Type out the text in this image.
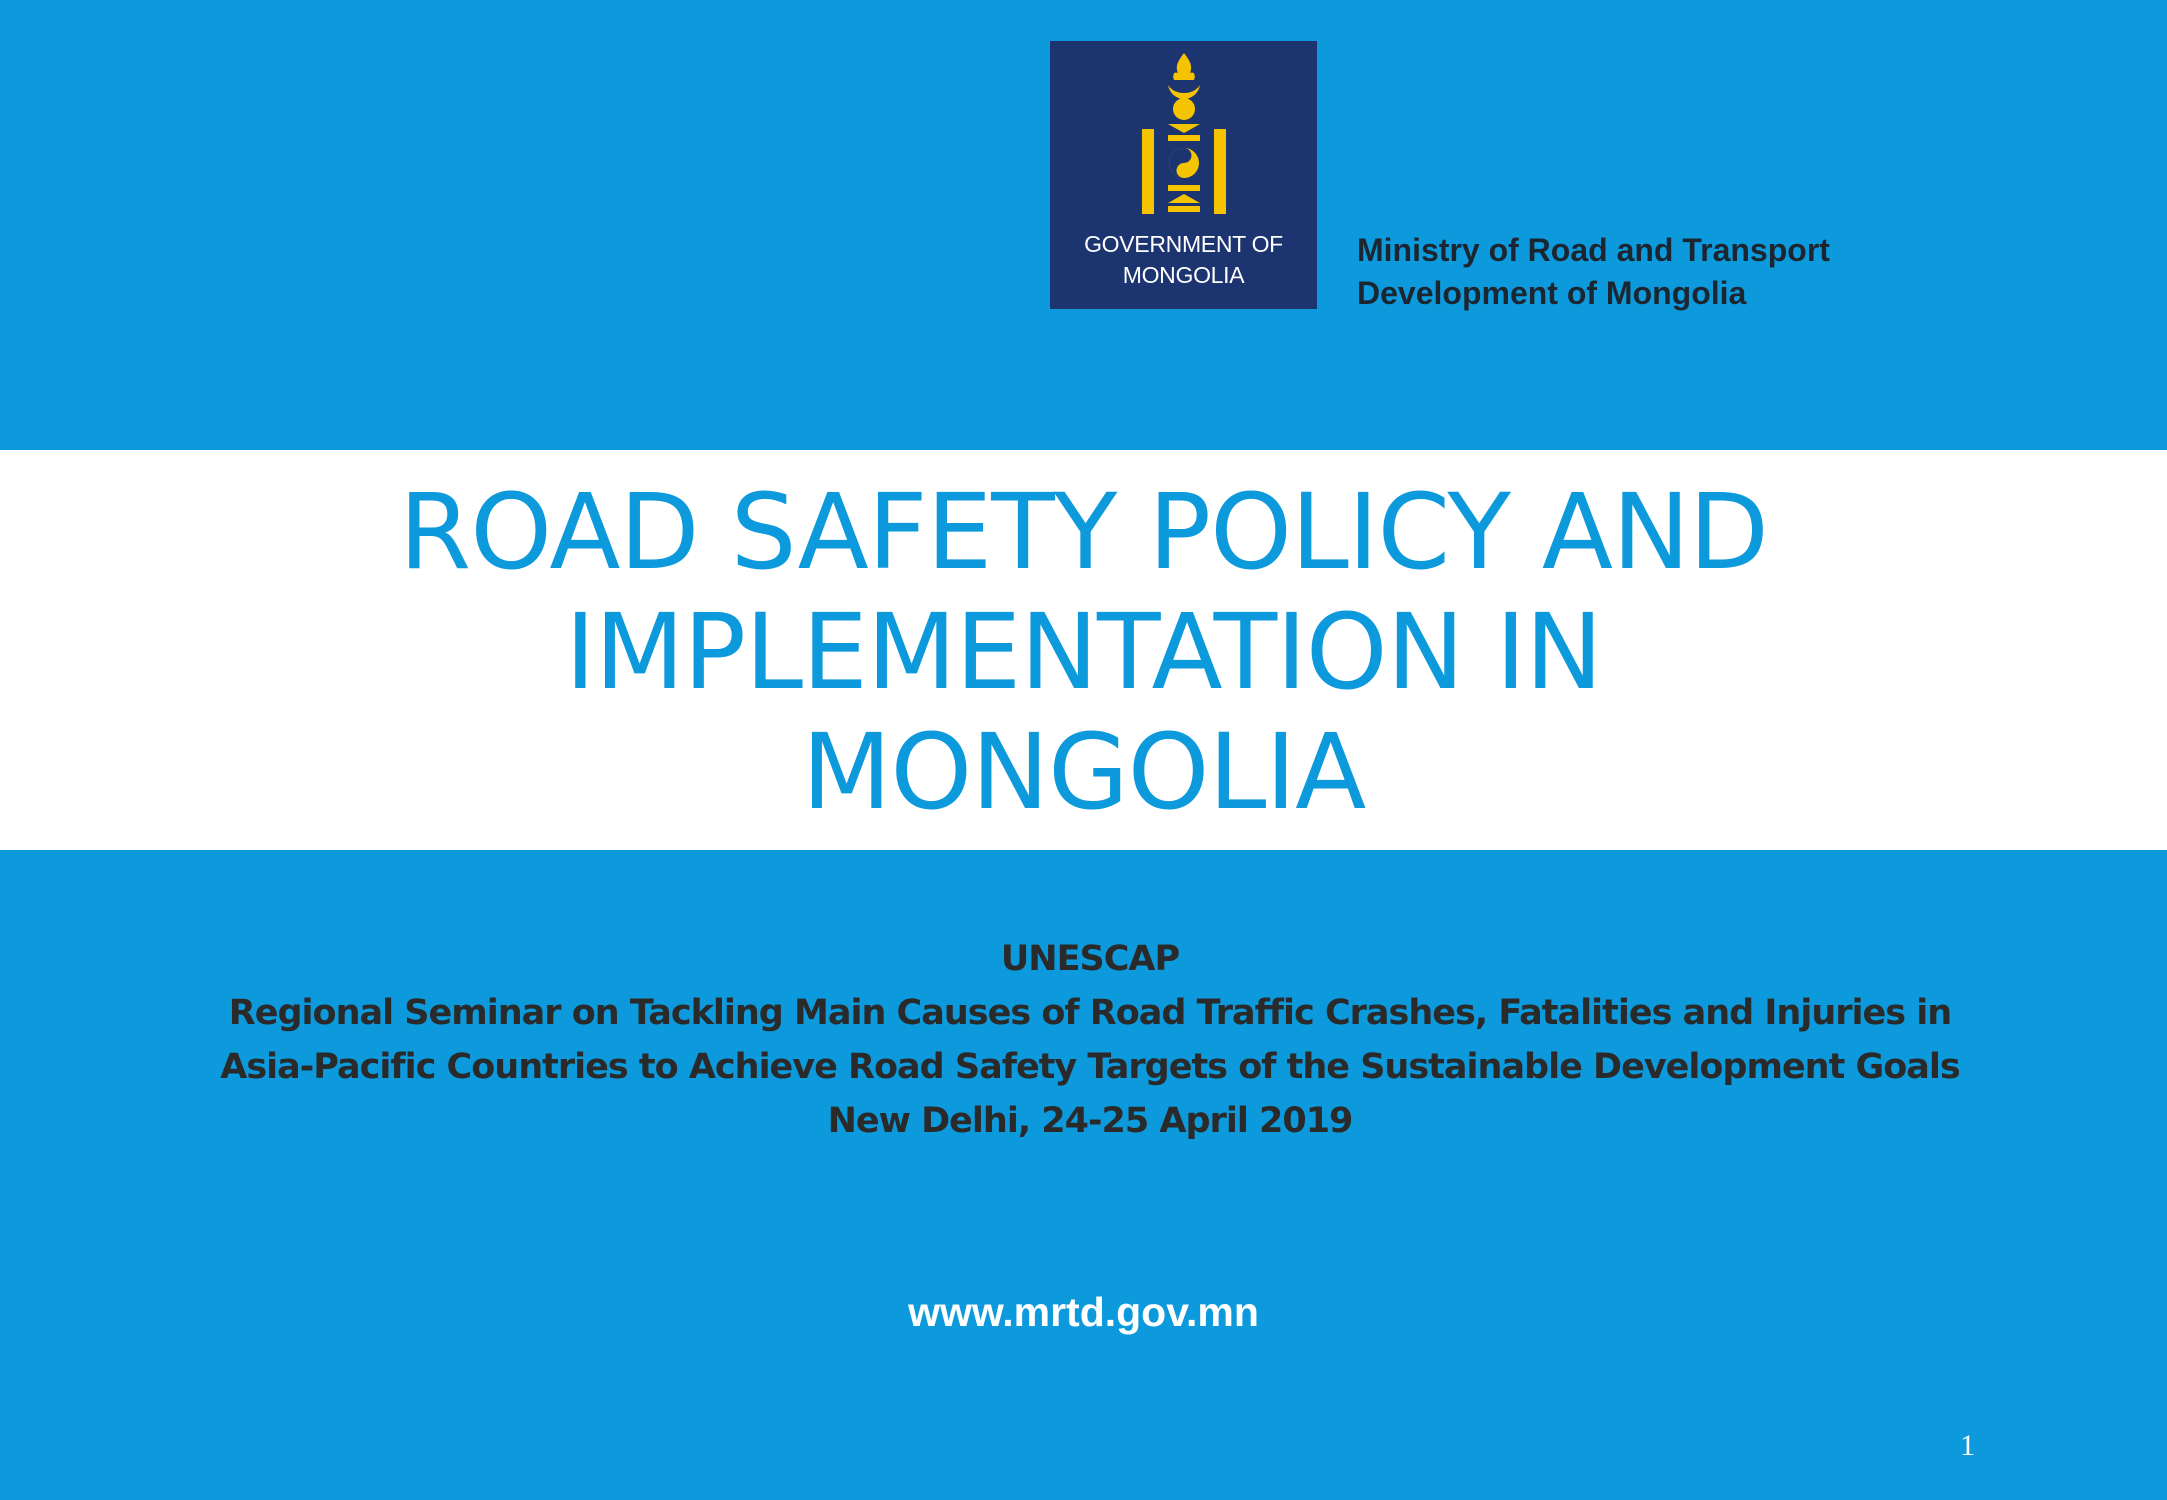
GOVERNMENT OF
MONGOLIA
Ministry of Road and Transport
Development of Mongolia
ROAD SAFETY POLICY AND
IMPLEMENTATION IN
MONGOLIA
UNESCAP
Regional Seminar on Tackling Main Causes of Road Traffic Crashes, Fatalities and Injuries in
Asia-Pacific Countries to Achieve Road Safety Targets of the Sustainable Development Goals
New Delhi, 24-25 April 2019
www.mrtd.gov.mn
1
